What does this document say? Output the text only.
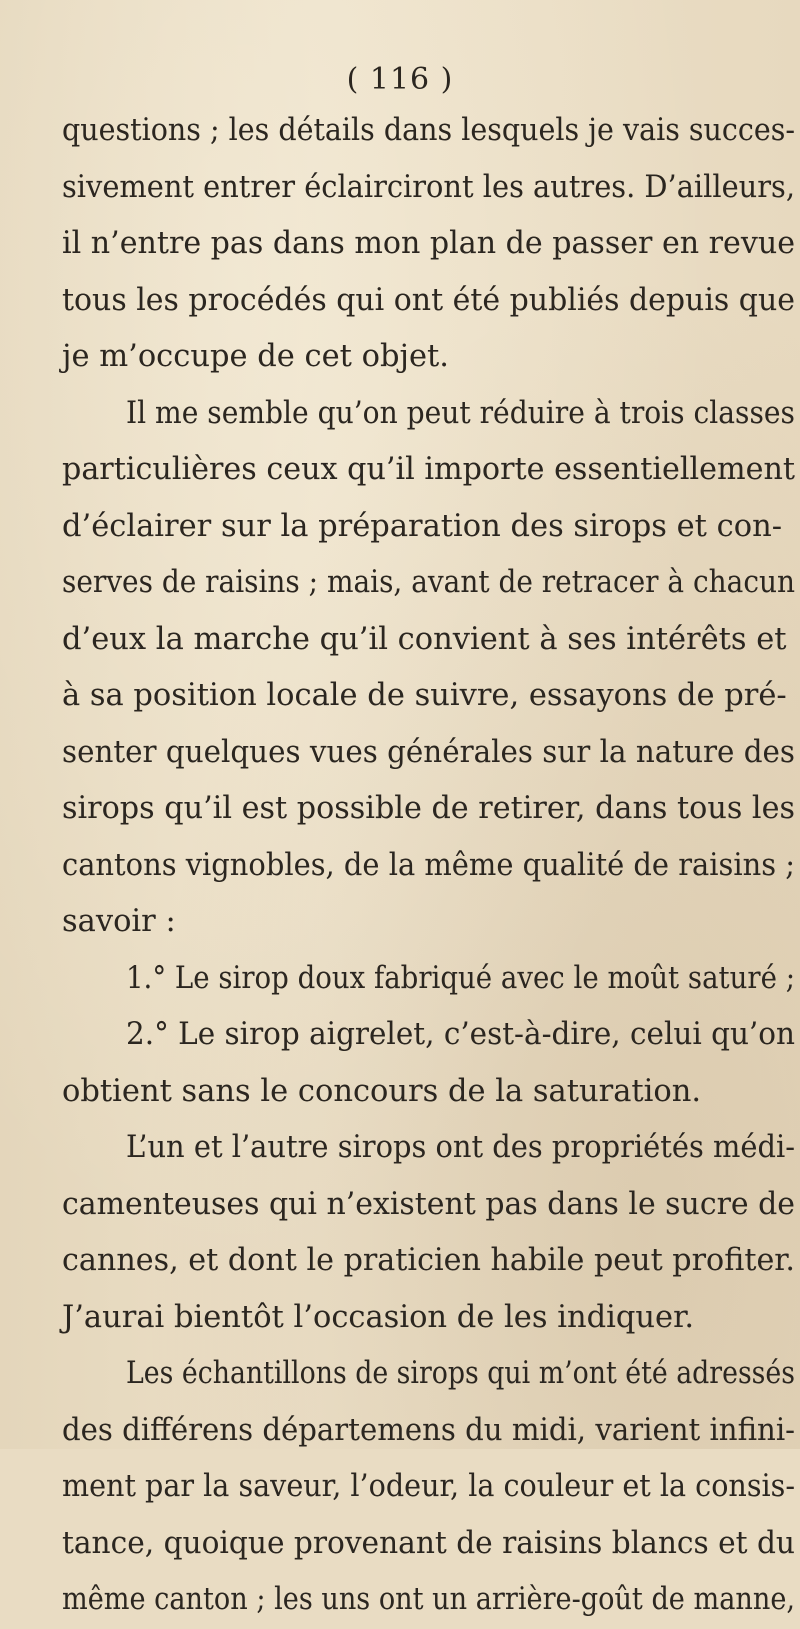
( 116 )
questions ; les détails dans lesquels je vais succes-
sivement entrer éclairciront les autres. D’ailleurs,
il n’entre pas dans mon plan de passer en revue
tous les procédés qui ont été publiés depuis que
je m’occupe de cet objet.
Il me semble qu’on peut réduire à trois classes
particulières ceux qu’il importe essentiellement
d’éclairer sur la préparation des sirops et con-
serves de raisins ; mais, avant de retracer à chacun
d’eux la marche qu’il convient à ses intérêts et
à sa position locale de suivre, essayons de pré-
senter quelques vues générales sur la nature des
sirops qu’il est possible de retirer, dans tous les
cantons vignobles, de la même qualité de raisins ;
savoir :
1.° Le sirop doux fabriqué avec le moût saturé ;
2.° Le sirop aigrelet, c’est-à-dire, celui qu’on
obtient sans le concours de la saturation.
L’un et l’autre sirops ont des propriétés médi-
camenteuses qui n’existent pas dans le sucre de
cannes, et dont le praticien habile peut profiter.
J’aurai bientôt l’occasion de les indiquer.
Les échantillons de sirops qui m’ont été adressés
des différens départemens du midi, varient infini-
ment par la saveur, l’odeur, la couleur et la consis-
tance, quoique provenant de raisins blancs et du
même canton ; les uns ont un arrière-goût de manne,
